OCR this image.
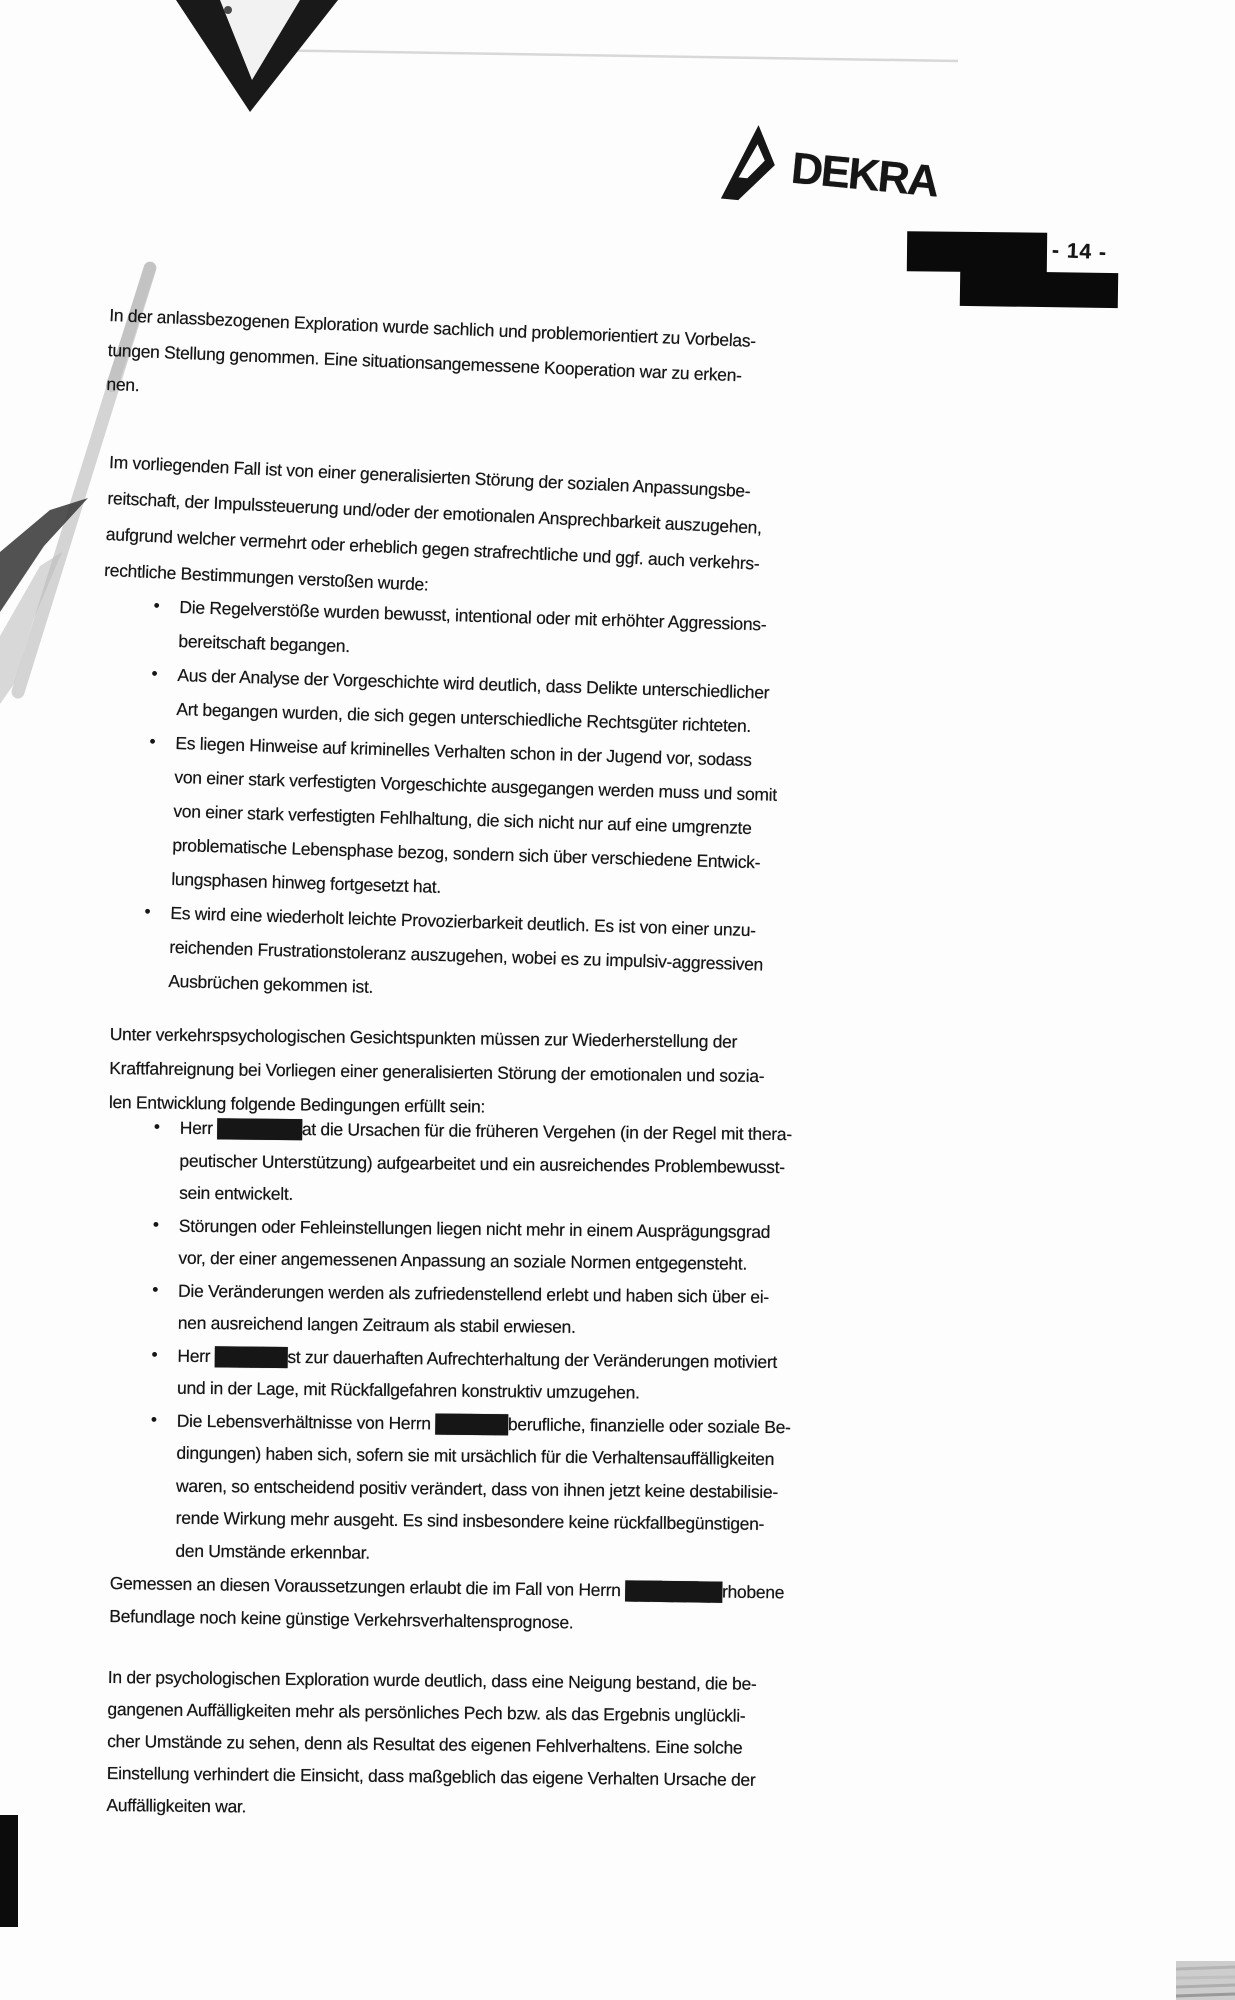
DEKRA
- 14 -
In der anlassbezogenen Exploration wurde sachlich und problemorientiert zu Vorbelas-
tungen Stellung genommen. Eine situationsangemessene Kooperation war zu erken-
nen.
Im vorliegenden Fall ist von einer generalisierten Störung der sozialen Anpassungsbe-
reitschaft, der Impulssteuerung und/oder der emotionalen Ansprechbarkeit auszugehen,
aufgrund welcher vermehrt oder erheblich gegen strafrechtliche und ggf. auch verkehrs-
rechtliche Bestimmungen verstoßen wurde:
• Die Regelverstöße wurden bewusst, intentional oder mit erhöhter Aggressions-
bereitschaft begangen.
• Aus der Analyse der Vorgeschichte wird deutlich, dass Delikte unterschiedlicher
Art begangen wurden, die sich gegen unterschiedliche Rechtsgüter richteten.
• Es liegen Hinweise auf kriminelles Verhalten schon in der Jugend vor, sodass
von einer stark verfestigten Vorgeschichte ausgegangen werden muss und somit
von einer stark verfestigten Fehlhaltung, die sich nicht nur auf eine umgrenzte
problematische Lebensphase bezog, sondern sich über verschiedene Entwick-
lungsphasen hinweg fortgesetzt hat.
• Es wird eine wiederholt leichte Provozierbarkeit deutlich. Es ist von einer unzu-
reichenden Frustrationstoleranz auszugehen, wobei es zu impulsiv-aggressiven
Ausbrüchen gekommen ist.
Unter verkehrspsychologischen Gesichtspunkten müssen zur Wiederherstellung der
Kraftfahreignung bei Vorliegen einer generalisierten Störung der emotionalen und sozia-
len Entwicklung folgende Bedingungen erfüllt sein:
• Herr ███████at die Ursachen für die früheren Vergehen (in der Regel mit thera-
peutischer Unterstützung) aufgearbeitet und ein ausreichendes Problembewusst-
sein entwickelt.
• Störungen oder Fehleinstellungen liegen nicht mehr in einem Ausprägungsgrad
vor, der einer angemessenen Anpassung an soziale Normen entgegensteht.
• Die Veränderungen werden als zufriedenstellend erlebt und haben sich über ei-
nen ausreichend langen Zeitraum als stabil erwiesen.
• Herr ██████st zur dauerhaften Aufrechterhaltung der Veränderungen motiviert
und in der Lage, mit Rückfallgefahren konstruktiv umzugehen.
• Die Lebensverhältnisse von Herrn ██████berufliche, finanzielle oder soziale Be-
dingungen) haben sich, sofern sie mit ursächlich für die Verhaltensauffälligkeiten
waren, so entscheidend positiv verändert, dass von ihnen jetzt keine destabilisie-
rende Wirkung mehr ausgeht. Es sind insbesondere keine rückfallbegünstigen-
den Umstände erkennbar.
Gemessen an diesen Voraussetzungen erlaubt die im Fall von Herrn ████████rhobene
Befundlage noch keine günstige Verkehrsverhaltensprognose.
In der psychologischen Exploration wurde deutlich, dass eine Neigung bestand, die be-
gangenen Auffälligkeiten mehr als persönliches Pech bzw. als das Ergebnis unglückli-
cher Umstände zu sehen, denn als Resultat des eigenen Fehlverhaltens. Eine solche
Einstellung verhindert die Einsicht, dass maßgeblich das eigene Verhalten Ursache der
Auffälligkeiten war.
